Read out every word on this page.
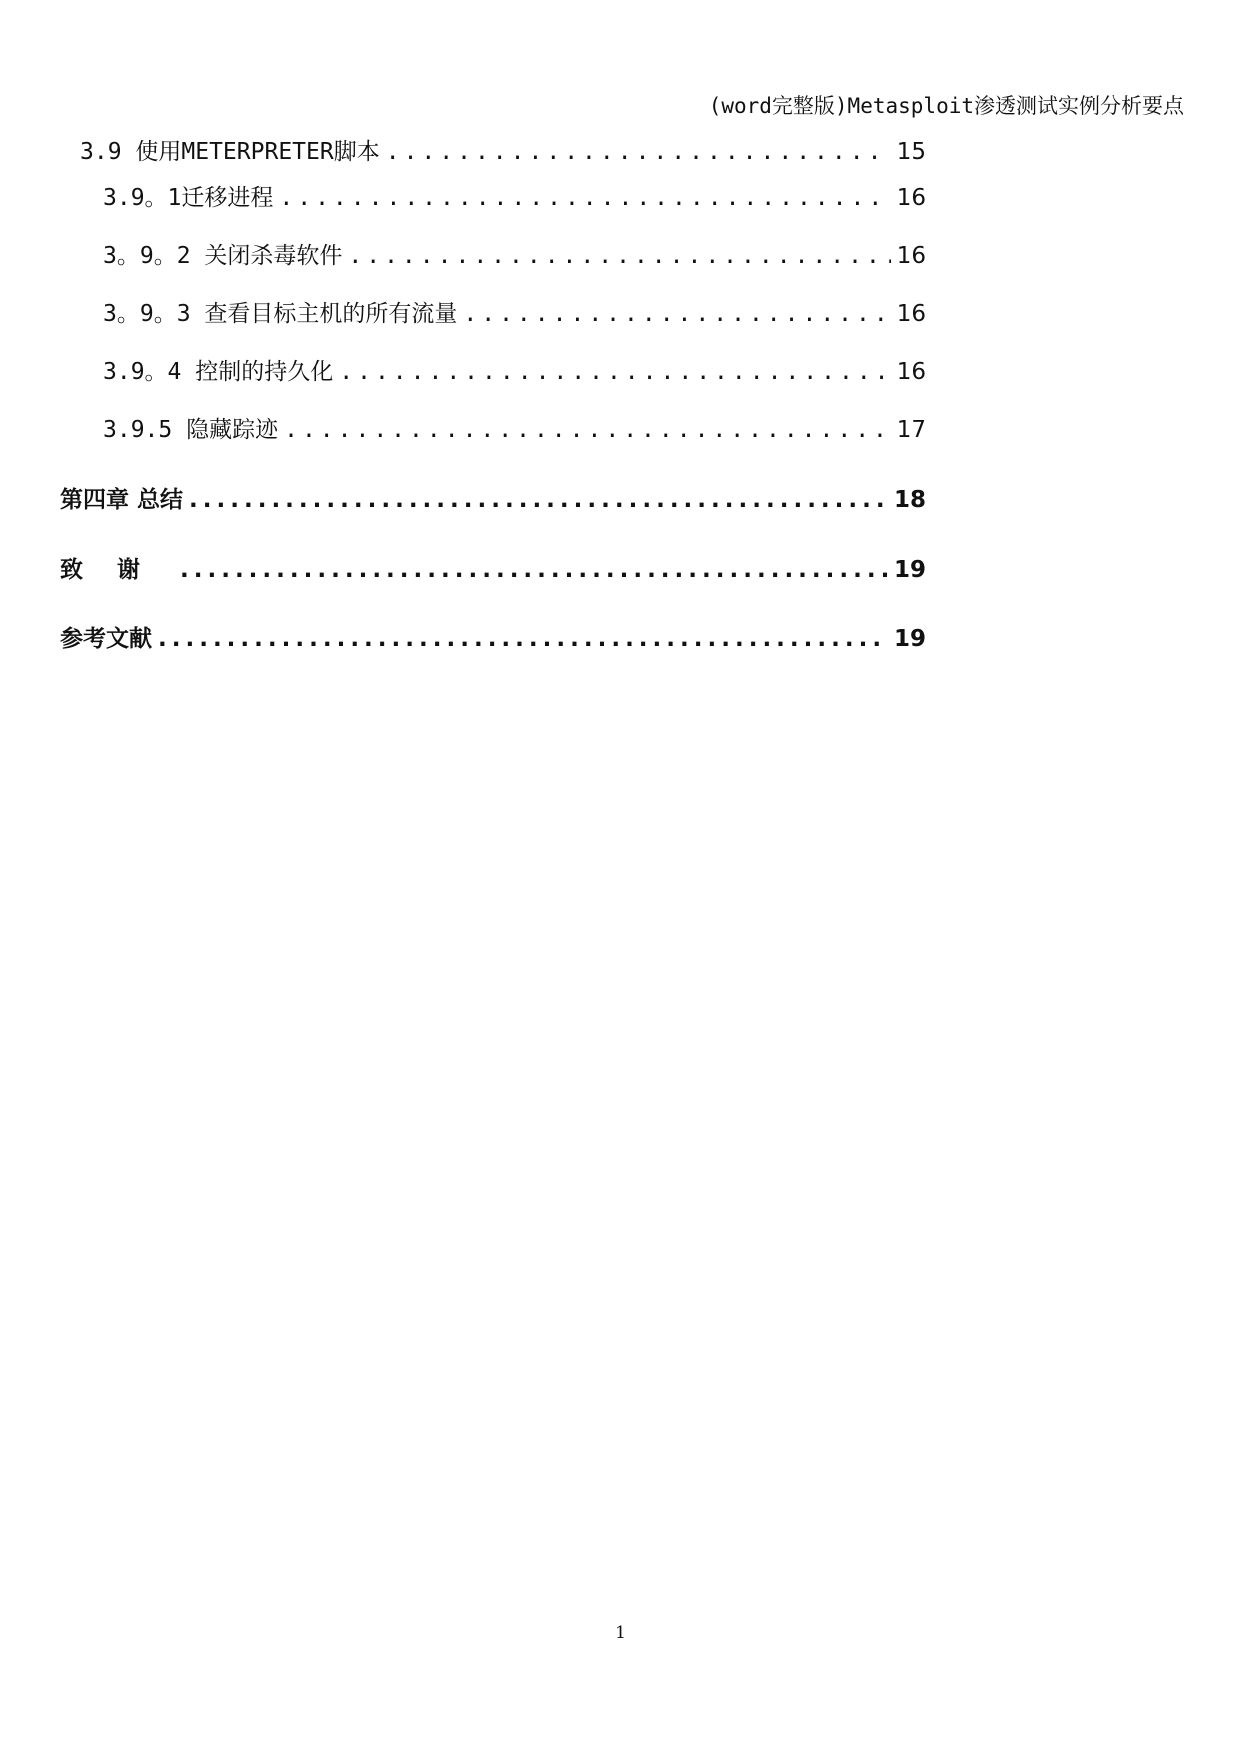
(word完整版)Metasploit渗透测试实例分析要点
3.9 使用METERPRETER脚本 .....	15
3.9。1迁移进程 .....	16
3。9。2 关闭杀毒软件 .....	16
3。9。3 查看目标主机的所有流量 .....	16
3.9。4 控制的持久化 .....	16
3.9.5 隐藏踪迹 .....	17
第四章 总结 .....	18
致谢 .....	19
参考文献 .....	19
1
